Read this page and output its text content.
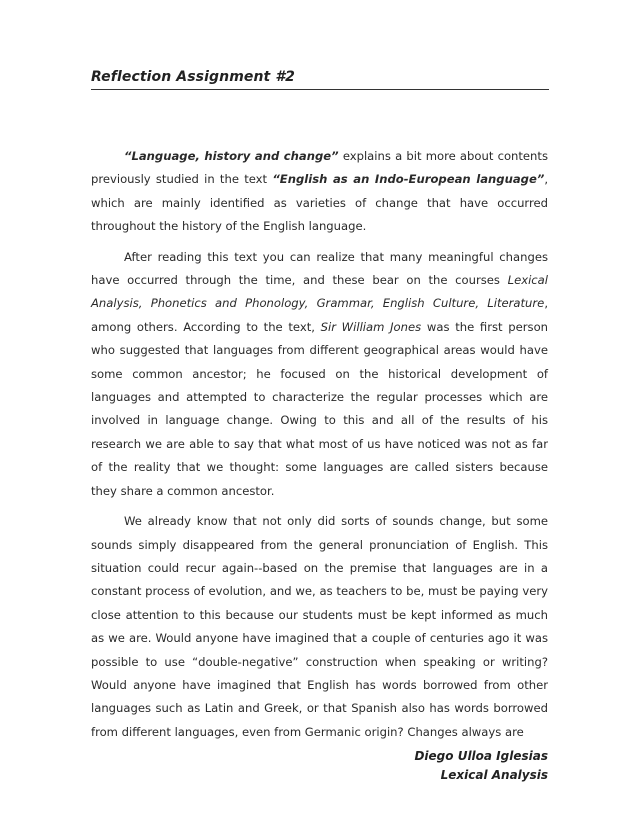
Reflection Assignment #2

“Language, history and change” explains a bit more about contents previously studied in the text “English as an Indo-European language”, which are mainly identified as varieties of change that have occurred throughout the history of the English language.

After reading this text you can realize that many meaningful changes have occurred through the time, and these bear on the courses Lexical Analysis, Phonetics and Phonology, Grammar, English Culture, Literature, among others. According to the text, Sir William Jones was the first person who suggested that languages from different geographical areas would have some common ancestor; he focused on the historical development of languages and attempted to characterize the regular processes which are involved in language change. Owing to this and all of the results of his research we are able to say that what most of us have noticed was not as far of the reality that we thought: some languages are called sisters because they share a common ancestor.

We already know that not only did sorts of sounds change, but some sounds simply disappeared from the general pronunciation of English. This situation could recur again--based on the premise that languages are in a constant process of evolution, and we, as teachers to be, must be paying very close attention to this because our students must be kept informed as much as we are. Would anyone have imagined that a couple of centuries ago it was possible to use “double-negative” construction when speaking or writing? Would anyone have imagined that English has words borrowed from other languages such as Latin and Greek, or that Spanish also has words borrowed from different languages, even from Germanic origin? Changes always are

Diego Ulloa Iglesias
Lexical Analysis
